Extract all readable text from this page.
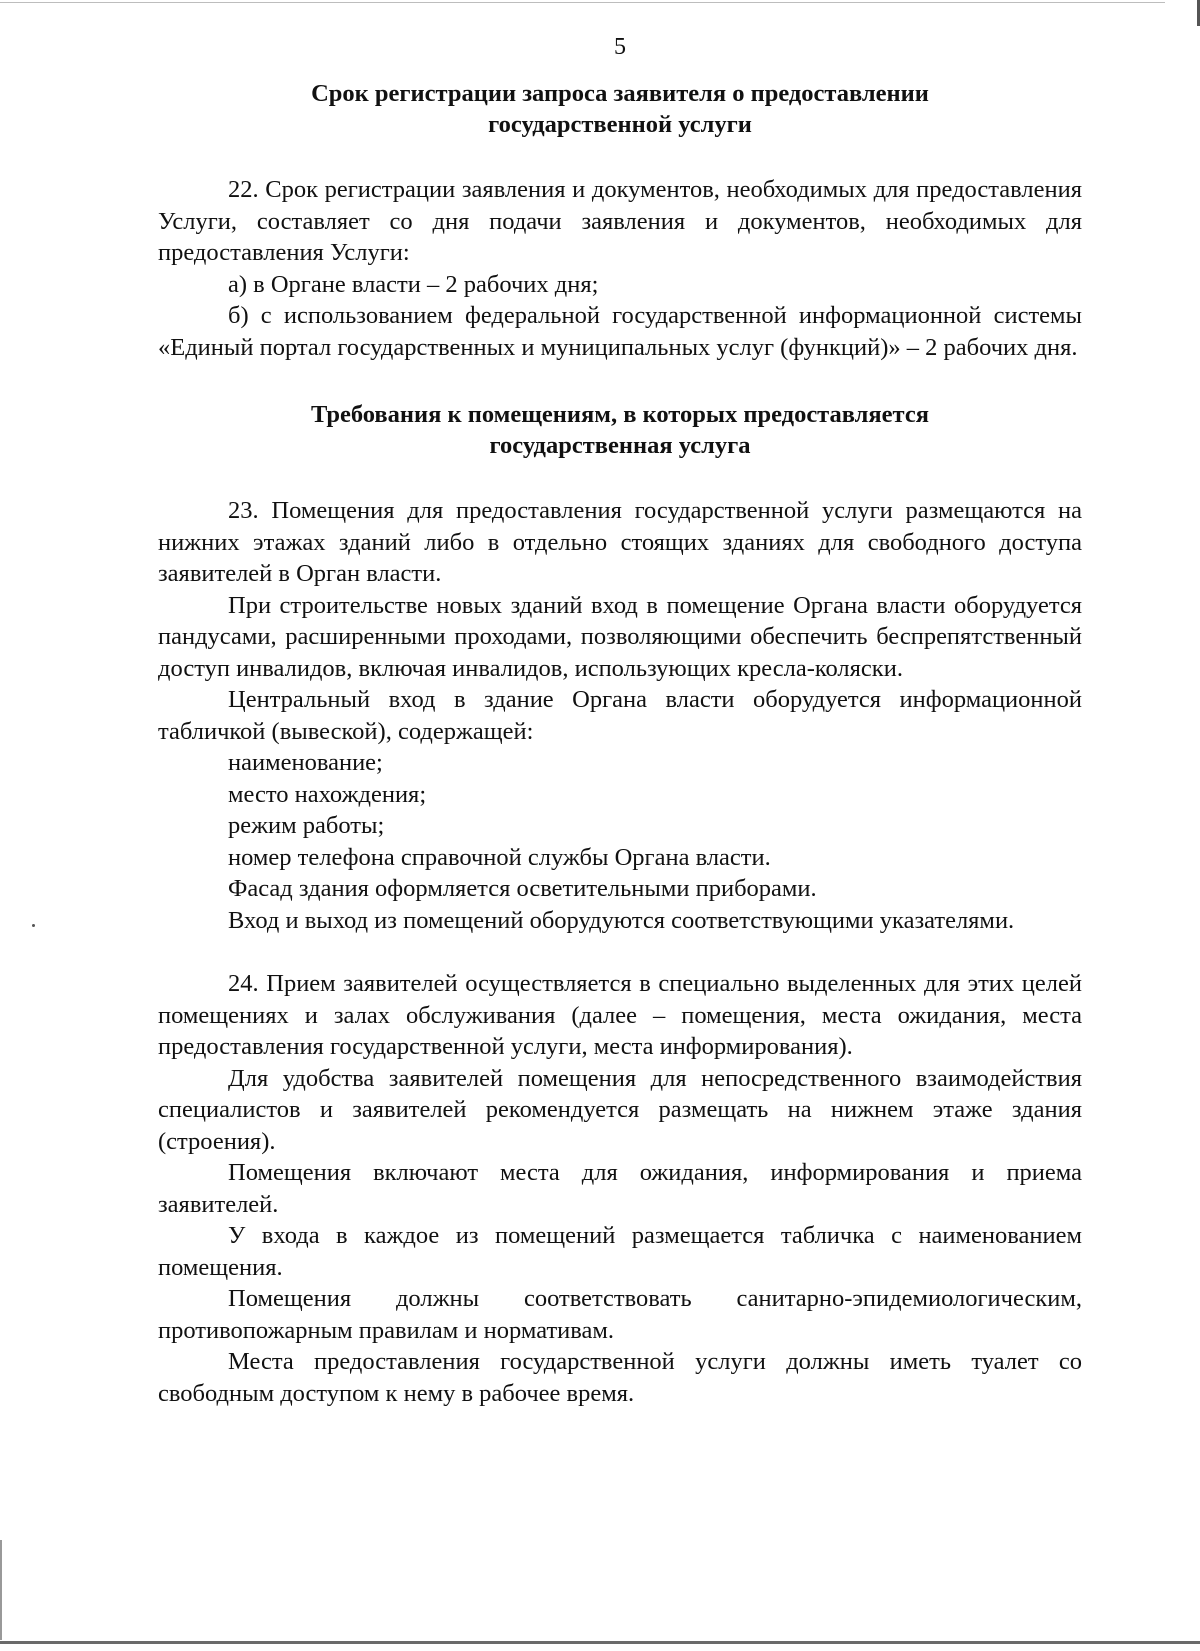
5
Срок регистрации запроса заявителя о предоставлении
государственной услуги

22. Срок регистрации заявления и документов, необходимых для предоставления Услуги, составляет со дня подачи заявления и документов, необходимых для предоставления Услуги:

а) в Органе власти – 2 рабочих дня;

б) с использованием федеральной государственной информационной системы «Единый портал государственных и муниципальных услуг (функций)» – 2 рабочих дня.

Требования к помещениям, в которых предоставляется
государственная услуга

23. Помещения для предоставления государственной услуги размещаются на нижних этажах зданий либо в отдельно стоящих зданиях для свободного доступа заявителей в Орган власти.

При строительстве новых зданий вход в помещение Органа власти оборудуется пандусами, расширенными проходами, позволяющими обеспечить беспрепятственный доступ инвалидов, включая инвалидов, использующих кресла-коляски.

Центральный вход в здание Органа власти оборудуется информационной табличкой (вывеской), содержащей:

наименование;

место нахождения;

режим работы;

номер телефона справочной службы Органа власти.

Фасад здания оформляется осветительными приборами.

Вход и выход из помещений оборудуются соответствующими указателями.

24. Прием заявителей осуществляется в специально выделенных для этих целей помещениях и залах обслуживания (далее – помещения, места ожидания, места предоставления государственной услуги, места информирования).

Для удобства заявителей помещения для непосредственного взаимодействия специалистов и заявителей рекомендуется размещать на нижнем этаже здания (строения).

Помещения включают места для ожидания, информирования и приема заявителей.

У входа в каждое из помещений размещается табличка с наименованием помещения.

Помещения должны соответствовать санитарно-эпидемиологическим, противопожарным правилам и нормативам.

Места предоставления государственной услуги должны иметь туалет со свободным доступом к нему в рабочее время.
